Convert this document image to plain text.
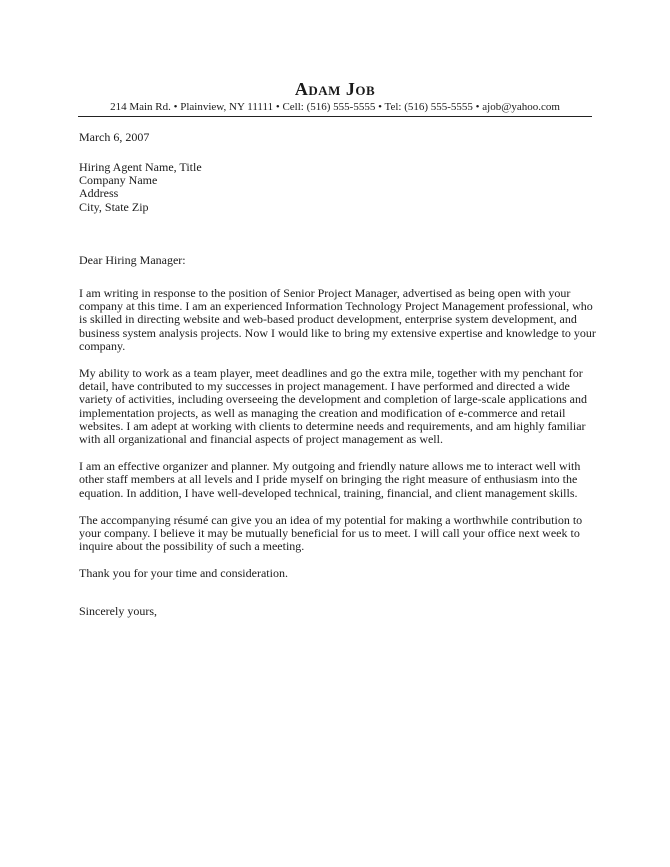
Adam Job
214 Main Rd. • Plainview, NY 11111 • Cell: (516) 555-5555 • Tel: (516) 555-5555 • ajob@yahoo.com
March 6, 2007
Hiring Agent Name, Title
Company Name
Address
City, State Zip
Dear Hiring Manager:

I am writing in response to the position of Senior Project Manager, advertised as being open with your company at this time. I am an experienced Information Technology Project Management professional, who is skilled in directing website and web-based product development, enterprise system development, and business system analysis projects. Now I would like to bring my extensive expertise and knowledge to your company.

My ability to work as a team player, meet deadlines and go the extra mile, together with my penchant for detail, have contributed to my successes in project management. I have performed and directed a wide variety of activities, including overseeing the development and completion of large-scale applications and implementation projects, as well as managing the creation and modification of e-commerce and retail websites. I am adept at working with clients to determine needs and requirements, and am highly familiar with all organizational and financial aspects of project management as well.

I am an effective organizer and planner. My outgoing and friendly nature allows me to interact well with other staff members at all levels and I pride myself on bringing the right measure of enthusiasm into the equation. In addition, I have well-developed technical, training, financial, and client management skills.

The accompanying résumé can give you an idea of my potential for making a worthwhile contribution to your company. I believe it may be mutually beneficial for us to meet. I will call your office next week to inquire about the possibility of such a meeting.

Thank you for your time and consideration.
Sincerely yours,
